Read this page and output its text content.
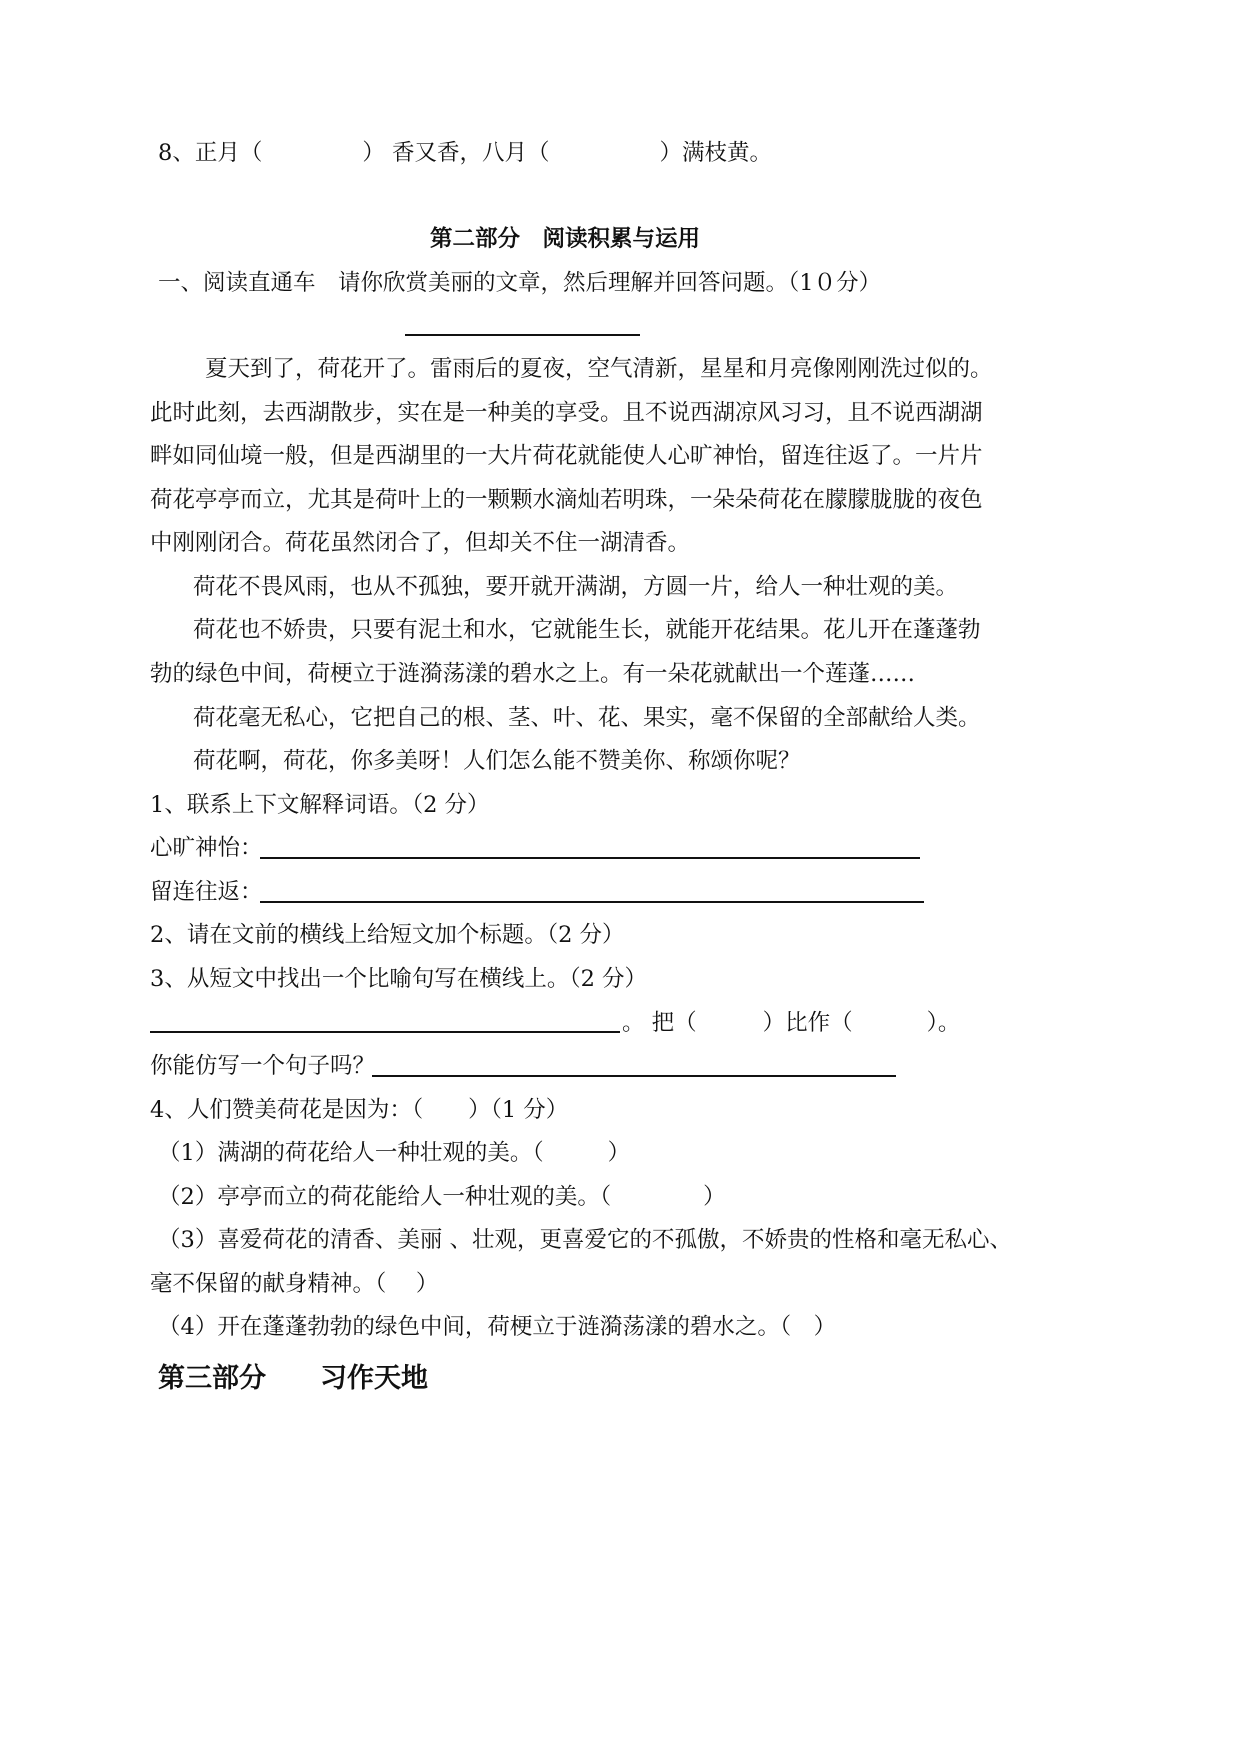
8、正月（	） 香又香，八月（	）满枝黄。
第二部分　阅读积累与运用
一、阅读直通车　请你欣赏美丽的文章，然后理解并回答问题。（1０分）
夏天到了，荷花开了。雷雨后的夏夜，空气清新，星星和月亮像刚刚洗过似的。
此时此刻，去西湖散步，实在是一种美的享受。且不说西湖凉风习习，且不说西湖湖
畔如同仙境一般，但是西湖里的一大片荷花就能使人心旷神怡，留连往返了。一片片
荷花亭亭而立，尤其是荷叶上的一颗颗水滴灿若明珠，一朵朵荷花在朦朦胧胧的夜色
中刚刚闭合。荷花虽然闭合了，但却关不住一湖清香。
荷花不畏风雨，也从不孤独，要开就开满湖，方圆一片，给人一种壮观的美。
荷花也不娇贵，只要有泥土和水，它就能生长，就能开花结果。花儿开在蓬蓬勃
勃的绿色中间，荷梗立于涟漪荡漾的碧水之上。有一朵花就献出一个莲蓬……
荷花毫无私心，它把自己的根、茎、叶、花、果实，毫不保留的全部献给人类。
荷花啊，荷花，你多美呀！人们怎么能不赞美你、称颂你呢？
1、联系上下文解释词语。（2 分）
心旷神怡：
留连往返：
2、请在文前的横线上给短文加个标题。（2 分）
3、从短文中找出一个比喻句写在横线上。（2 分）
。 把（	）比作（	）。
你能仿写一个句子吗？
4、人们赞美荷花是因为：（　　）（1 分）
（1）满湖的荷花给人一种壮观的美。（	）
（2）亭亭而立的荷花能给人一种壮观的美。（	）
（3）喜爱荷花的清香、美丽 、壮观，更喜爱它的不孤傲，不娇贵的性格和毫无私心、
毫不保留的献身精神。（　 ）
（4）开在蓬蓬勃勃的绿色中间，荷梗立于涟漪荡漾的碧水之。（　）
第三部分　　习作天地
